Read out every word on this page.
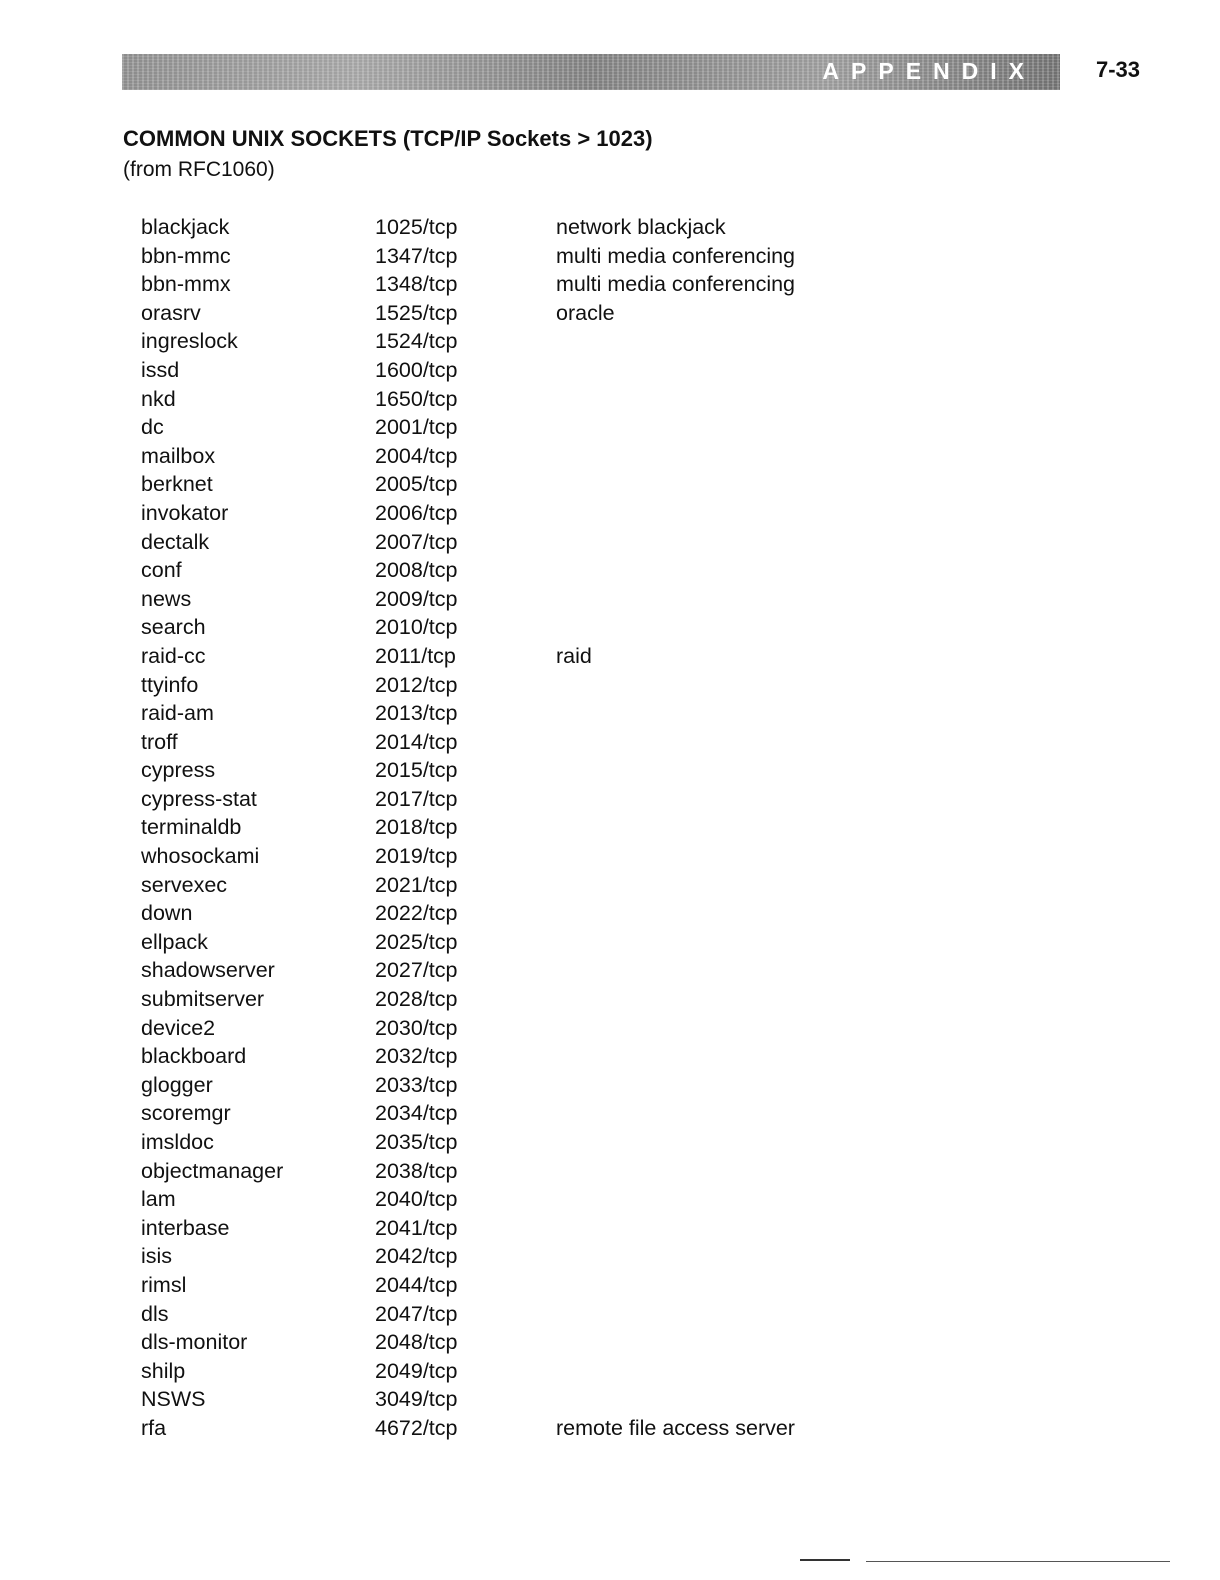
APPENDIX	7-33
COMMON UNIX SOCKETS (TCP/IP Sockets > 1023)
(from RFC1060)
blackjack	1025/tcp	network blackjack
bbn-mmc	1347/tcp	multi media conferencing
bbn-mmx	1348/tcp	multi media conferencing
orasrv	1525/tcp	oracle
ingreslock	1524/tcp
issd	1600/tcp
nkd	1650/tcp
dc	2001/tcp
mailbox	2004/tcp
berknet	2005/tcp
invokator	2006/tcp
dectalk	2007/tcp
conf	2008/tcp
news	2009/tcp
search	2010/tcp
raid-cc	2011/tcp	raid
ttyinfo	2012/tcp
raid-am	2013/tcp
troff	2014/tcp
cypress	2015/tcp
cypress-stat	2017/tcp
terminaldb	2018/tcp
whosockami	2019/tcp
servexec	2021/tcp
down	2022/tcp
ellpack	2025/tcp
shadowserver	2027/tcp
submitserver	2028/tcp
device2	2030/tcp
blackboard	2032/tcp
glogger	2033/tcp
scoremgr	2034/tcp
imsldoc	2035/tcp
objectmanager	2038/tcp
lam	2040/tcp
interbase	2041/tcp
isis	2042/tcp
rimsl	2044/tcp
dls	2047/tcp
dls-monitor	2048/tcp
shilp	2049/tcp
NSWS	3049/tcp
rfa	4672/tcp	remote file access server
